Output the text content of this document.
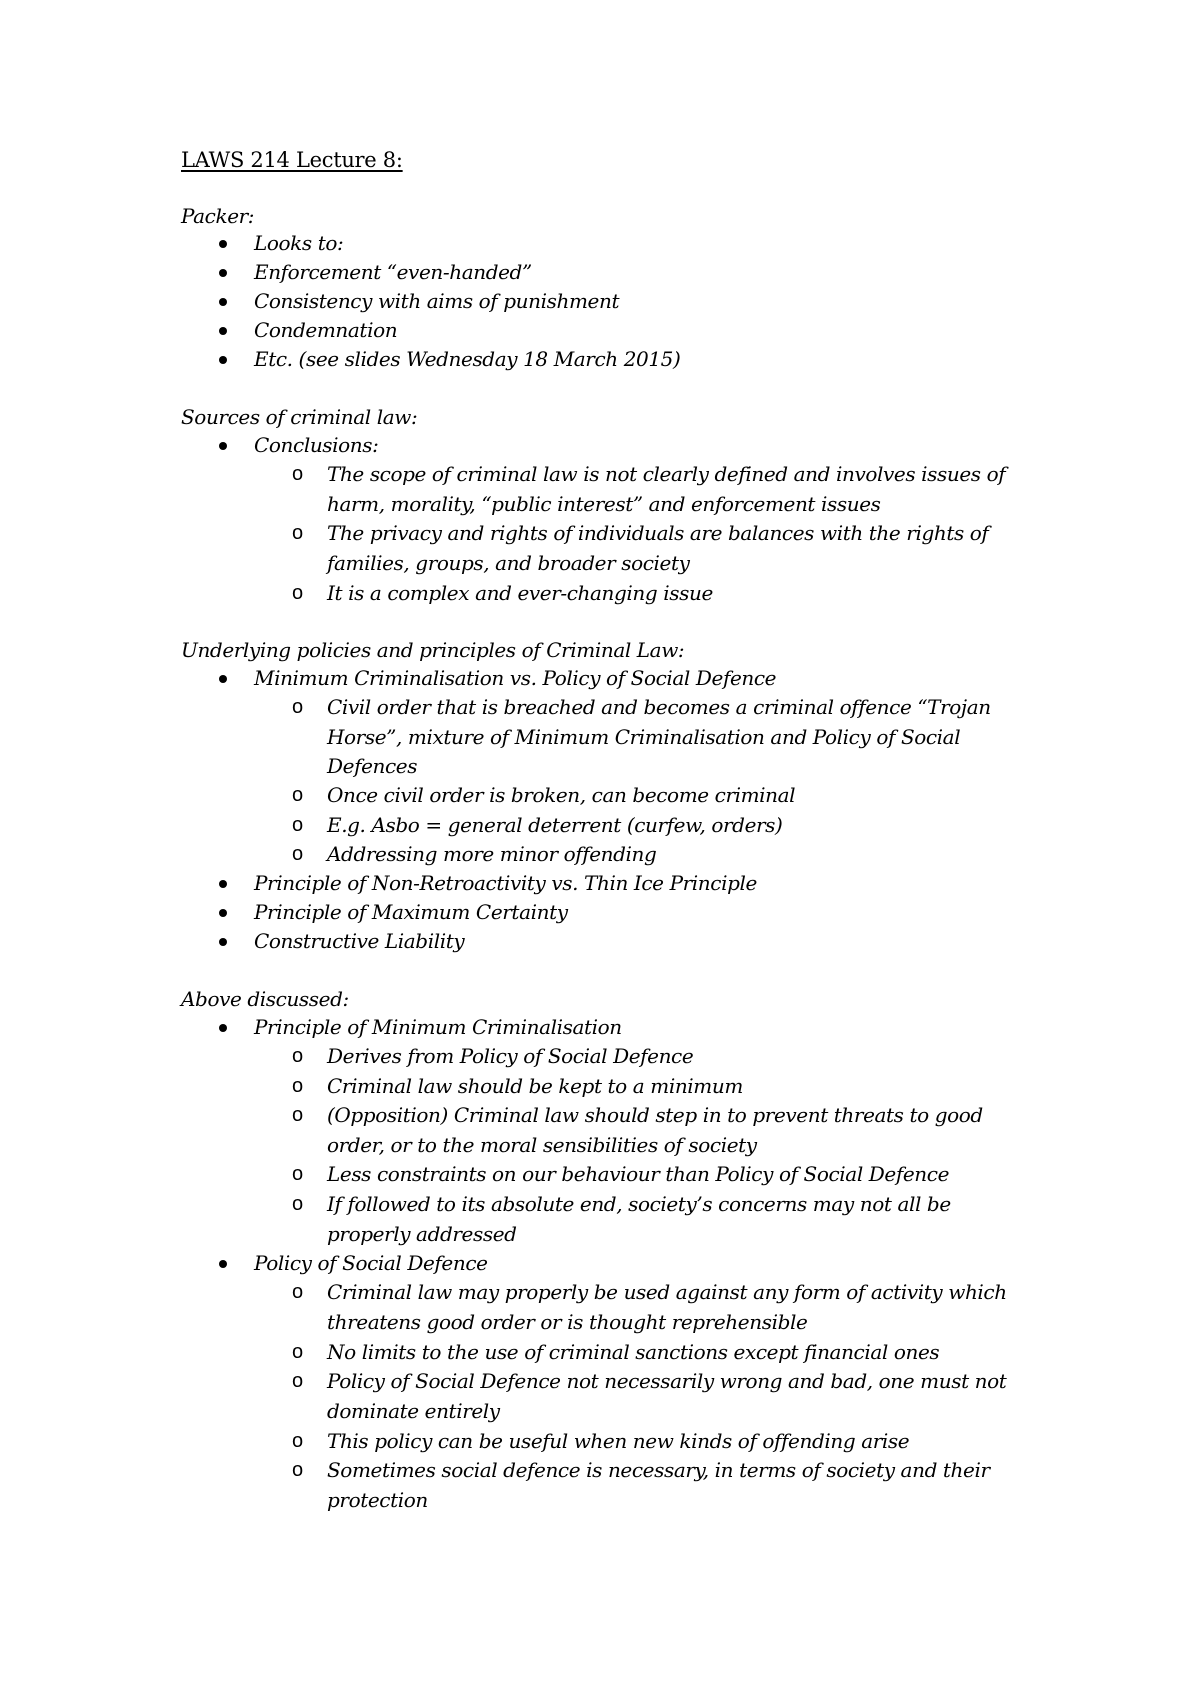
LAWS 214 Lecture 8:
Packer:
Looks to:
Enforcement “even-handed”
Consistency with aims of punishment
Condemnation
Etc. (see slides Wednesday 18 March 2015)
Sources of criminal law:
Conclusions:
o The scope of criminal law is not clearly defined and involves issues of harm, morality, “public interest” and enforcement issues
o The privacy and rights of individuals are balances with the rights of families, groups, and broader society
o It is a complex and ever-changing issue
Underlying policies and principles of Criminal Law:
Minimum Criminalisation vs. Policy of Social Defence
o Civil order that is breached and becomes a criminal offence “Trojan Horse”, mixture of Minimum Criminalisation and Policy of Social Defences
o Once civil order is broken, can become criminal
o E.g. Asbo = general deterrent (curfew, orders)
o Addressing more minor offending
Principle of Non-Retroactivity vs. Thin Ice Principle
Principle of Maximum Certainty
Constructive Liability
Above discussed:
Principle of Minimum Criminalisation
o Derives from Policy of Social Defence
o Criminal law should be kept to a minimum
o (Opposition) Criminal law should step in to prevent threats to good order, or to the moral sensibilities of society
o Less constraints on our behaviour than Policy of Social Defence
o If followed to its absolute end, society’s concerns may not all be properly addressed
Policy of Social Defence
o Criminal law may properly be used against any form of activity which threatens good order or is thought reprehensible
o No limits to the use of criminal sanctions except financial ones
o Policy of Social Defence not necessarily wrong and bad, one must not dominate entirely
o This policy can be useful when new kinds of offending arise
o Sometimes social defence is necessary, in terms of society and their protection
